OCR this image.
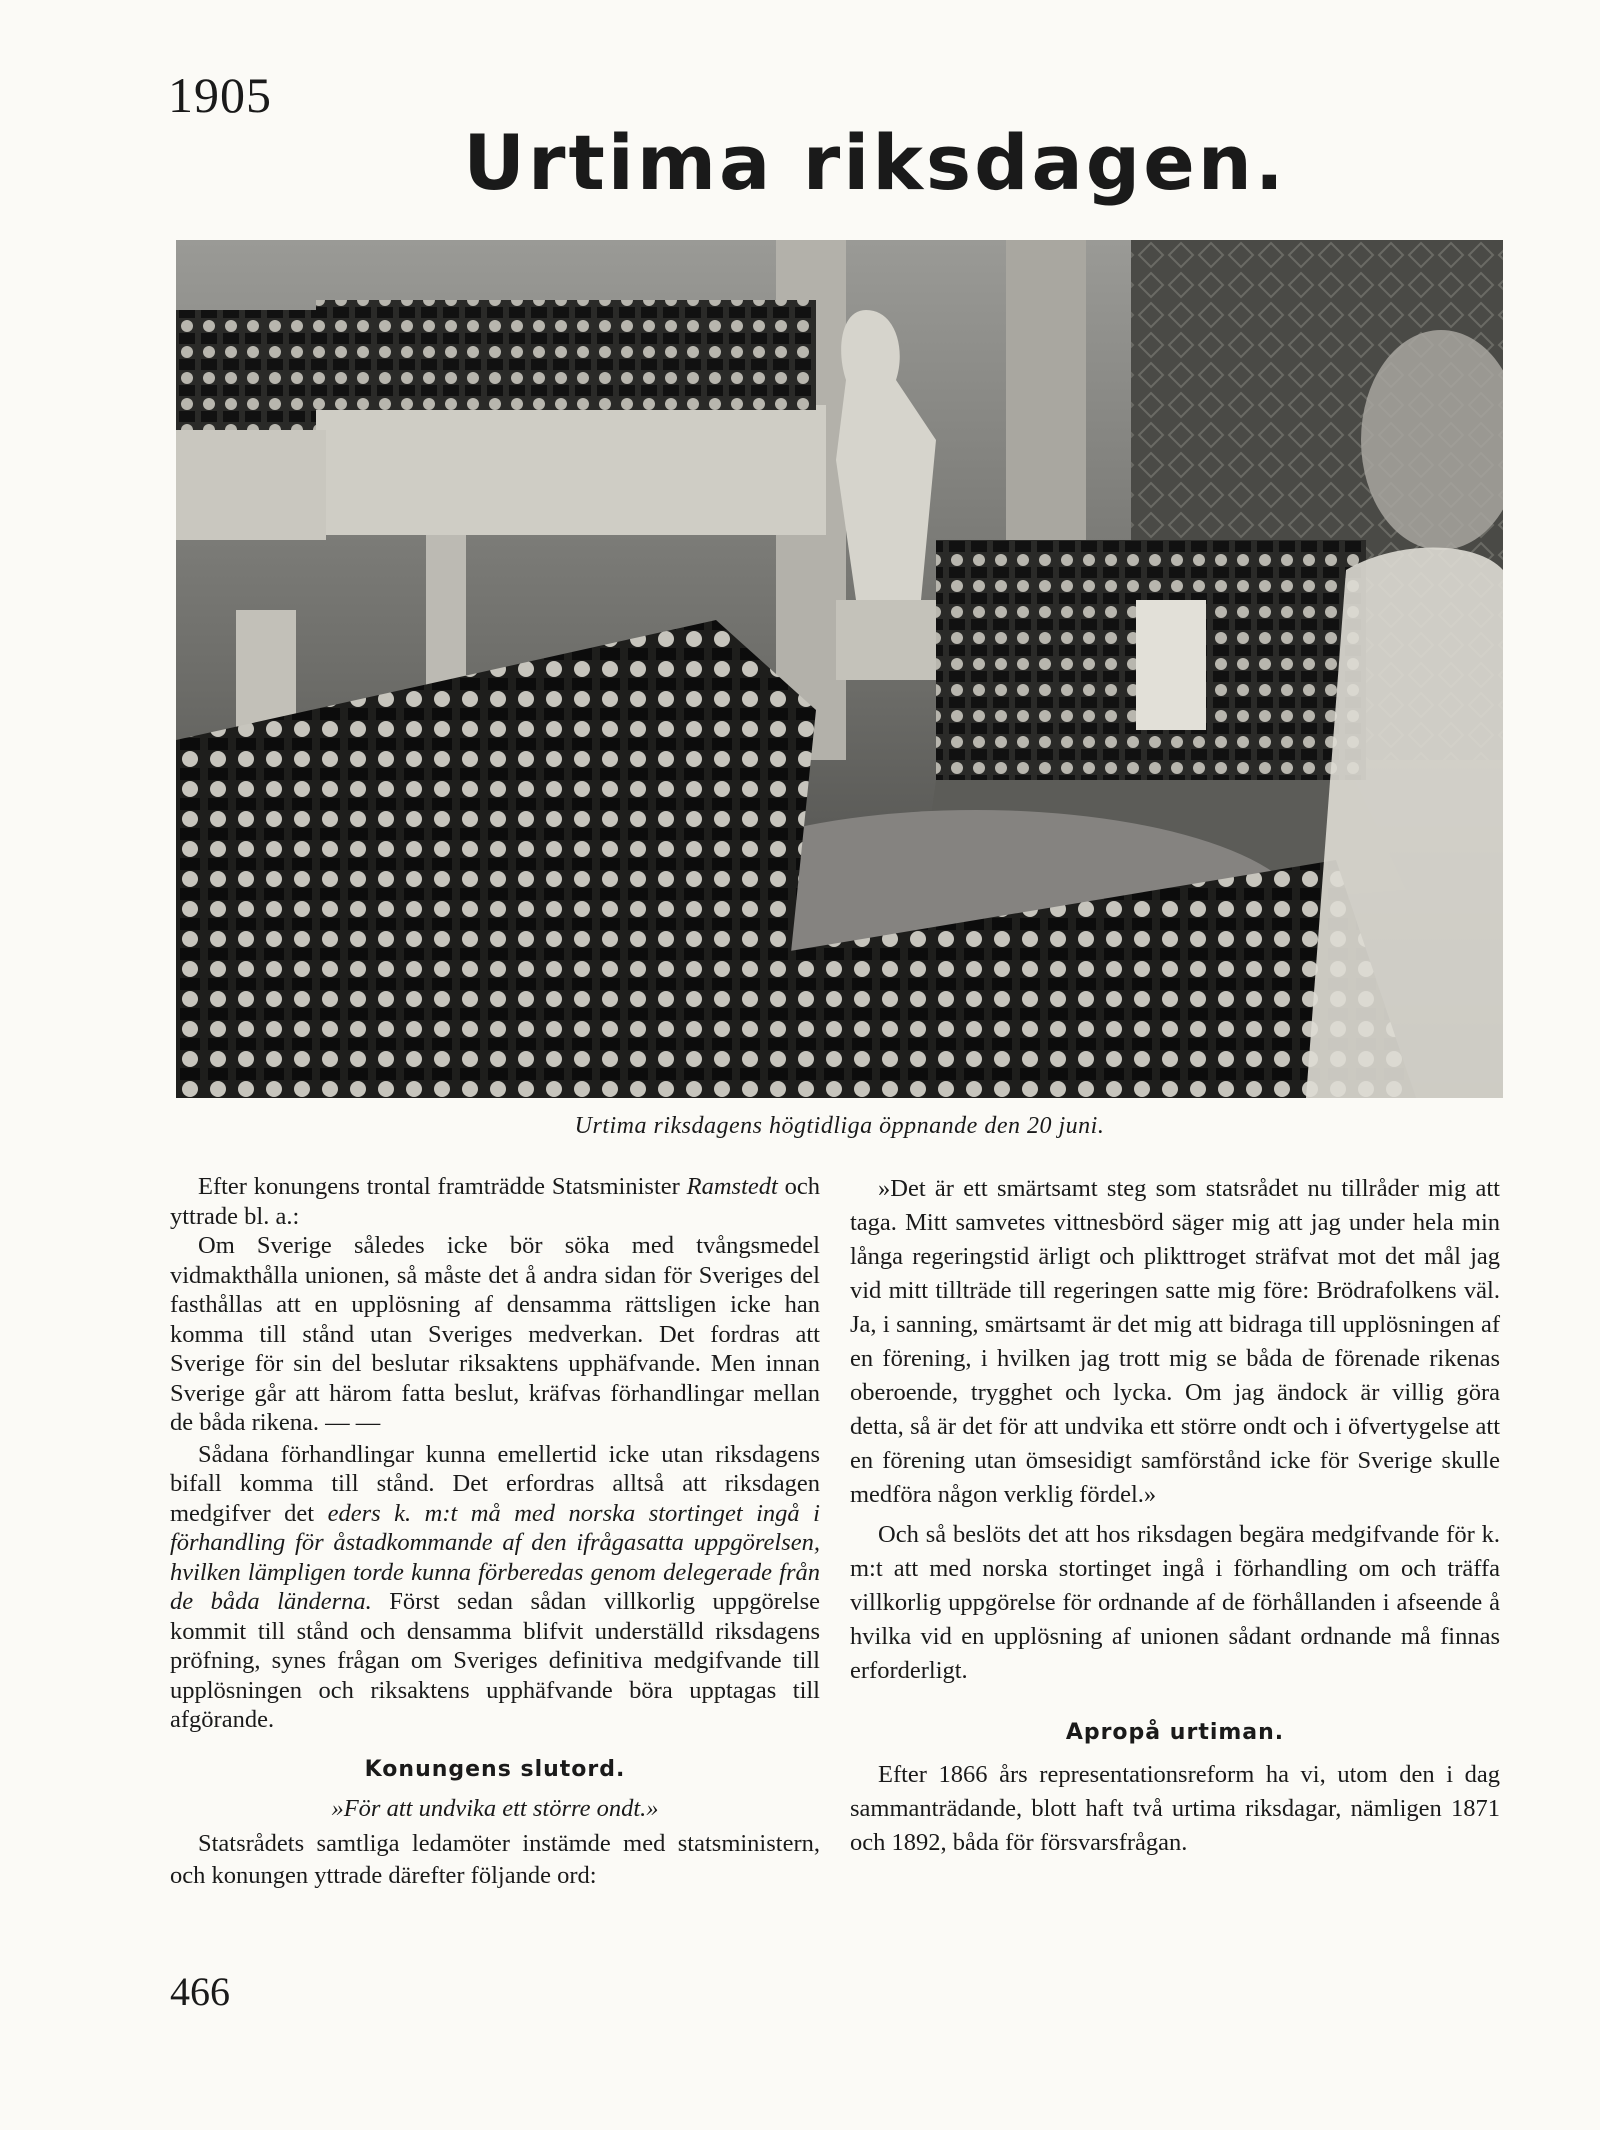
1905
Urtima riksdagen.
Urtima riksdagens högtidliga öppnande den 20 juni.

Efter konungens trontal framträdde Statsminister Ramstedt och yttrade bl. a.:

Om Sverige således icke bör söka med tvångsmedel vidmakthålla unionen, så måste det å andra sidan för Sveriges del fasthållas att en upplösning af densamma rättsligen icke han komma till stånd utan Sveriges medverkan. Det fordras att Sverige för sin del beslutar riksaktens upphäfvande. Men innan Sverige går att härom fatta beslut, kräfvas förhandlingar mellan de båda rikena. — —

Sådana förhandlingar kunna emellertid icke utan riksdagens bifall komma till stånd. Det erfordras alltså att riksdagen medgifver det eders k. m:t må med norska stortinget ingå i förhandling för åstadkommande af den ifrågasatta uppgörelsen, hvilken lämpligen torde kunna förberedas genom delegerade från de båda länderna. Först sedan sådan villkorlig uppgörelse kommit till stånd och densamma blifvit underställd riksdagens pröfning, synes frågan om Sveriges definitiva medgifvande till upplösningen och riksaktens upphäfvande böra upptagas till afgörande.

Konungens slutord.

»För att undvika ett större ondt.»

Statsrådets samtliga ledamöter instämde med statsministern, och konungen yttrade därefter följande ord:

»Det är ett smärtsamt steg som statsrådet nu tillråder mig att taga. Mitt samvetes vittnesbörd säger mig att jag under hela min långa regeringstid ärligt och plikttroget sträfvat mot det mål jag vid mitt tillträde till regeringen satte mig före: Brödrafolkens väl. Ja, i sanning, smärtsamt är det mig att bidraga till upplösningen af en förening, i hvilken jag trott mig se båda de förenade rikenas oberoende, trygghet och lycka. Om jag ändock är villig göra detta, så är det för att undvika ett större ondt och i öfvertygelse att en förening utan ömsesidigt samförstånd icke för Sverige skulle medföra någon verklig fördel.»

Och så beslöts det att hos riksdagen begära medgifvande för k. m:t att med norska stortinget ingå i förhandling om och träffa villkorlig uppgörelse för ordnande af de förhållanden i afseende å hvilka vid en upplösning af unionen sådant ordnande må finnas erforderligt.

Apropå urtiman.

Efter 1866 års representationsreform ha vi, utom den i dag sammanträdande, blott haft två urtima riksdagar, nämligen 1871 och 1892, båda för försvarsfrågan.

466
